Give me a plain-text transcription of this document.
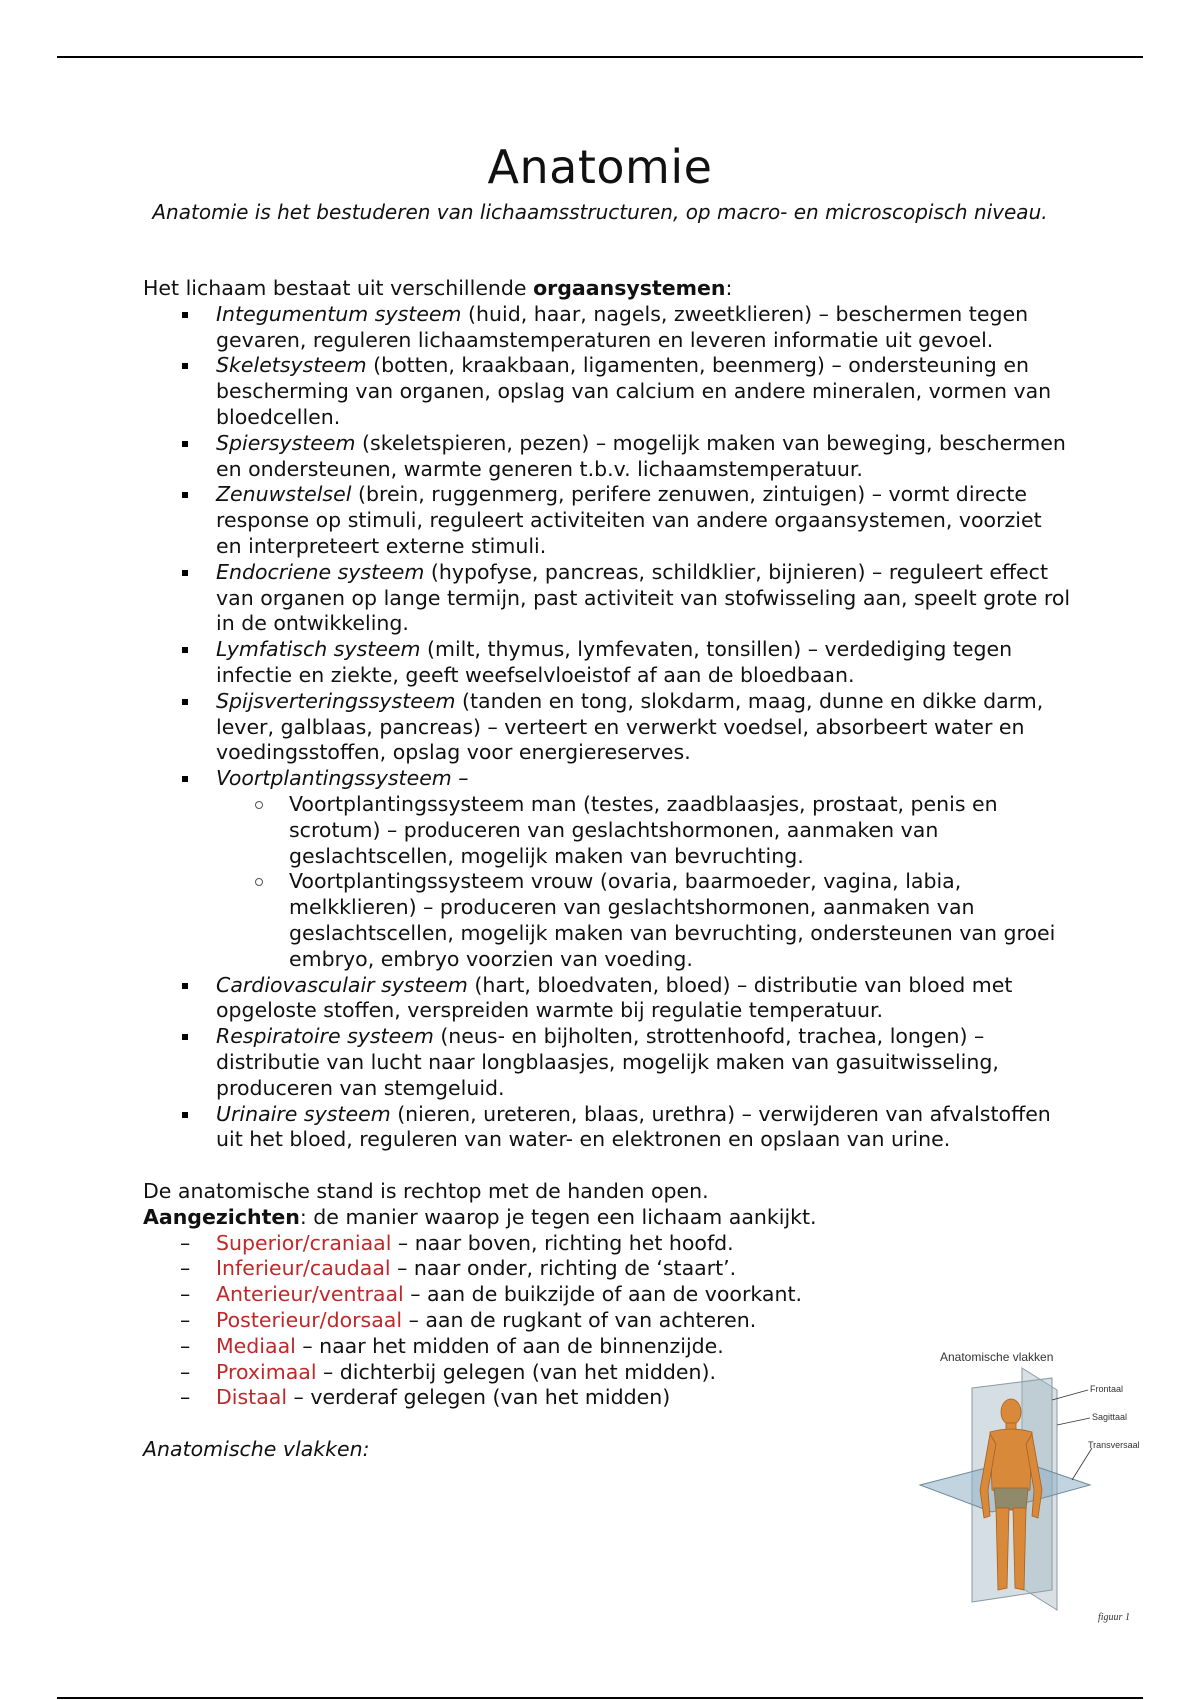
Anatomie

Anatomie is het bestuderen van lichaamsstructuren, op macro- en microscopisch niveau.

Het lichaam bestaat uit verschillende orgaansystemen:

Integumentum systeem (huid, haar, nagels, zweetklieren) – beschermen tegen gevaren, reguleren lichaamstemperaturen en leveren informatie uit gevoel.
Skeletsysteem (botten, kraakbaan, ligamenten, beenmerg) – ondersteuning en bescherming van organen, opslag van calcium en andere mineralen, vormen van bloedcellen.
Spiersysteem (skeletspieren, pezen) – mogelijk maken van beweging, beschermen en ondersteunen, warmte generen t.b.v. lichaamstemperatuur.
Zenuwstelsel (brein, ruggenmerg, perifere zenuwen, zintuigen) – vormt directe response op stimuli, reguleert activiteiten van andere orgaansystemen, voorziet en interpreteert externe stimuli.
Endocriene systeem (hypofyse, pancreas, schildklier, bijnieren) – reguleert effect van organen op lange termijn, past activiteit van stofwisseling aan, speelt grote rol in de ontwikkeling.
Lymfatisch systeem (milt, thymus, lymfevaten, tonsillen) – verdediging tegen infectie en ziekte, geeft weefselvloeistof af aan de bloedbaan.
Spijsverteringssysteem (tanden en tong, slokdarm, maag, dunne en dikke darm, lever, galblaas, pancreas) – verteert en verwerkt voedsel, absorbeert water en voedingsstoffen, opslag voor energiereserves.
Voortplantingssysteem –
Voortplantingssysteem man (testes, zaadblaasjes, prostaat, penis en scrotum) – produceren van geslachtshormonen, aanmaken van geslachtscellen, mogelijk maken van bevruchting.
Voortplantingssysteem vrouw (ovaria, baarmoeder, vagina, labia, melkklieren) – produceren van geslachtshormonen, aanmaken van geslachtscellen, mogelijk maken van bevruchting, ondersteunen van groei embryo, embryo voorzien van voeding.
Cardiovasculair systeem (hart, bloedvaten, bloed) – distributie van bloed met opgeloste stoffen, verspreiden warmte bij regulatie temperatuur.
Respiratoire systeem (neus- en bijholten, strottenhoofd, trachea, longen) – distributie van lucht naar longblaasjes, mogelijk maken van gasuitwisseling, produceren van stemgeluid.
Urinaire systeem (nieren, ureteren, blaas, urethra) – verwijderen van afvalstoffen uit het bloed, reguleren van water- en elektronen en opslaan van urine.

De anatomische stand is rechtop met de handen open.

Aangezichten: de manier waarop je tegen een lichaam aankijkt.

– Superior/craniaal – naar boven, richting het hoofd.
– Inferieur/caudaal – naar onder, richting de ‘staart’.
– Anterieur/ventraal – aan de buikzijde of aan de voorkant.
– Posterieur/dorsaal – aan de rugkant of van achteren.
– Mediaal – naar het midden of aan de binnenzijde.
– Proximaal – dichterbij gelegen (van het midden).
– Distaal – verderaf gelegen (van het midden)

Anatomische vlakken:

Anatomische vlakken
Frontaal
Sagittaal
Transversaal
figuur 1
